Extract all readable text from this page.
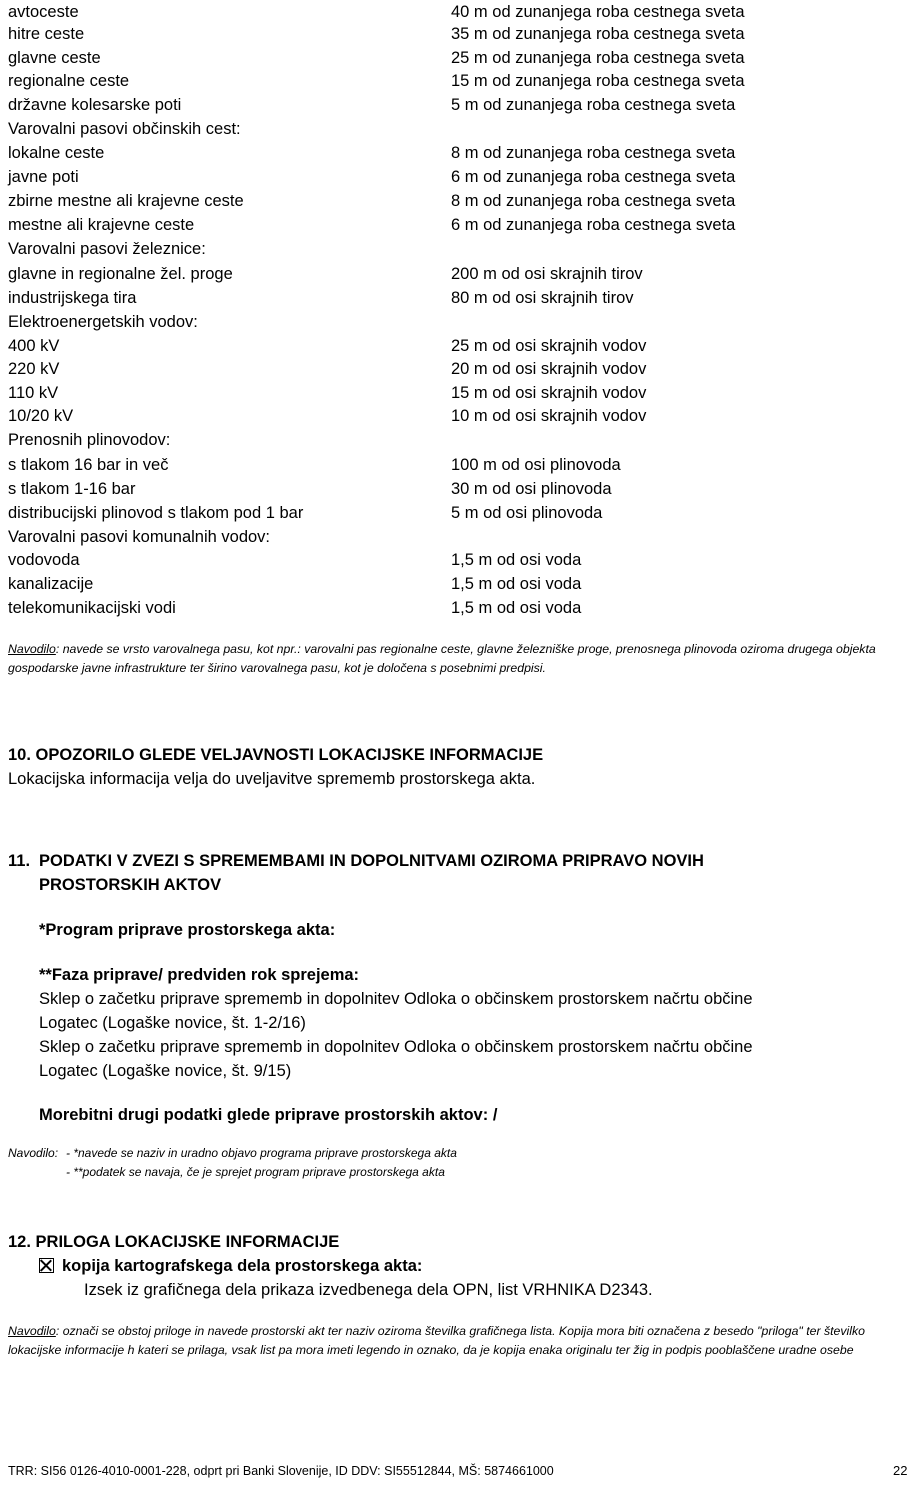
avtoceste	40 m od zunanjega roba cestnega sveta
hitre ceste	35 m od zunanjega roba cestnega sveta
glavne ceste	25 m od zunanjega roba cestnega sveta
regionalne ceste	15 m od zunanjega roba cestnega sveta
državne kolesarske poti	5 m od zunanjega roba cestnega sveta
Varovalni pasovi občinskih cest:
lokalne ceste	8 m od zunanjega roba cestnega sveta
javne poti	6 m od zunanjega roba cestnega sveta
zbirne mestne ali krajevne ceste	8 m od zunanjega roba cestnega sveta
mestne ali krajevne ceste	6 m od zunanjega roba cestnega sveta
Varovalni pasovi železnice:
glavne in regionalne žel. proge	200 m od osi skrajnih tirov
industrijskega tira	80 m od osi skrajnih tirov
Elektroenergetskih vodov:
400 kV	25 m od osi skrajnih vodov
220 kV	20 m od osi skrajnih vodov
110 kV	15 m od osi skrajnih vodov
10/20 kV	10 m od osi skrajnih vodov
Prenosnih plinovodov:
s tlakom 16 bar in več	100 m od osi plinovoda
s tlakom 1-16 bar	30 m od osi plinovoda
distribucijski plinovod s tlakom pod 1 bar	5 m od osi plinovoda
Varovalni pasovi komunalnih vodov:
vodovoda	1,5 m od osi voda
kanalizacije	1,5 m od osi voda
telekomunikacijski vodi	1,5 m od osi voda
Navodilo: navede se vrsto varovalnega pasu, kot npr.: varovalni pas regionalne ceste, glavne železniške proge, prenosnega plinovoda oziroma drugega objekta gospodarske javne infrastrukture ter širino varovalnega pasu, kot je določena s posebnimi predpisi.
10. OPOZORILO GLEDE VELJAVNOSTI LOKACIJSKE INFORMACIJE
Lokacijska informacija velja do uveljavitve sprememb prostorskega akta.
11. PODATKI V ZVEZI S SPREMEMBAMI IN DOPOLNITVAMI OZIROMA PRIPRAVO NOVIH
PROSTORSKIH AKTOV
*Program priprave prostorskega akta:
**Faza priprave/ predviden rok sprejema:
Sklep o začetku priprave sprememb in dopolnitev Odloka o občinskem prostorskem načrtu občine
Logatec (Logaške novice, št. 1-2/16)
Sklep o začetku priprave sprememb in dopolnitev Odloka o občinskem prostorskem načrtu občine
Logatec (Logaške novice, št. 9/15)
Morebitni drugi podatki glede priprave prostorskih aktov: /
Navodilo: - *navede se naziv in uradno objavo programa priprave prostorskega akta
- **podatek se navaja, če je sprejet program priprave prostorskega akta
12. PRILOGA LOKACIJSKE INFORMACIJE
kopija kartografskega dela prostorskega akta:
Izsek iz grafičnega dela prikaza izvedbenega dela OPN, list VRHNIKA D2343.
Navodilo: označi se obstoj priloge in navede prostorski akt ter naziv oziroma številka grafičnega lista. Kopija mora biti označena z besedo "priloga" ter številko lokacijske informacije h kateri se prilaga, vsak list pa mora imeti legendo in oznako, da je kopija enaka originalu ter žig in podpis pooblaščene uradne osebe
TRR: SI56 0126-4010-0001-228, odprt pri Banki Slovenije, ID DDV: SI55512844, MŠ: 5874661000	22
